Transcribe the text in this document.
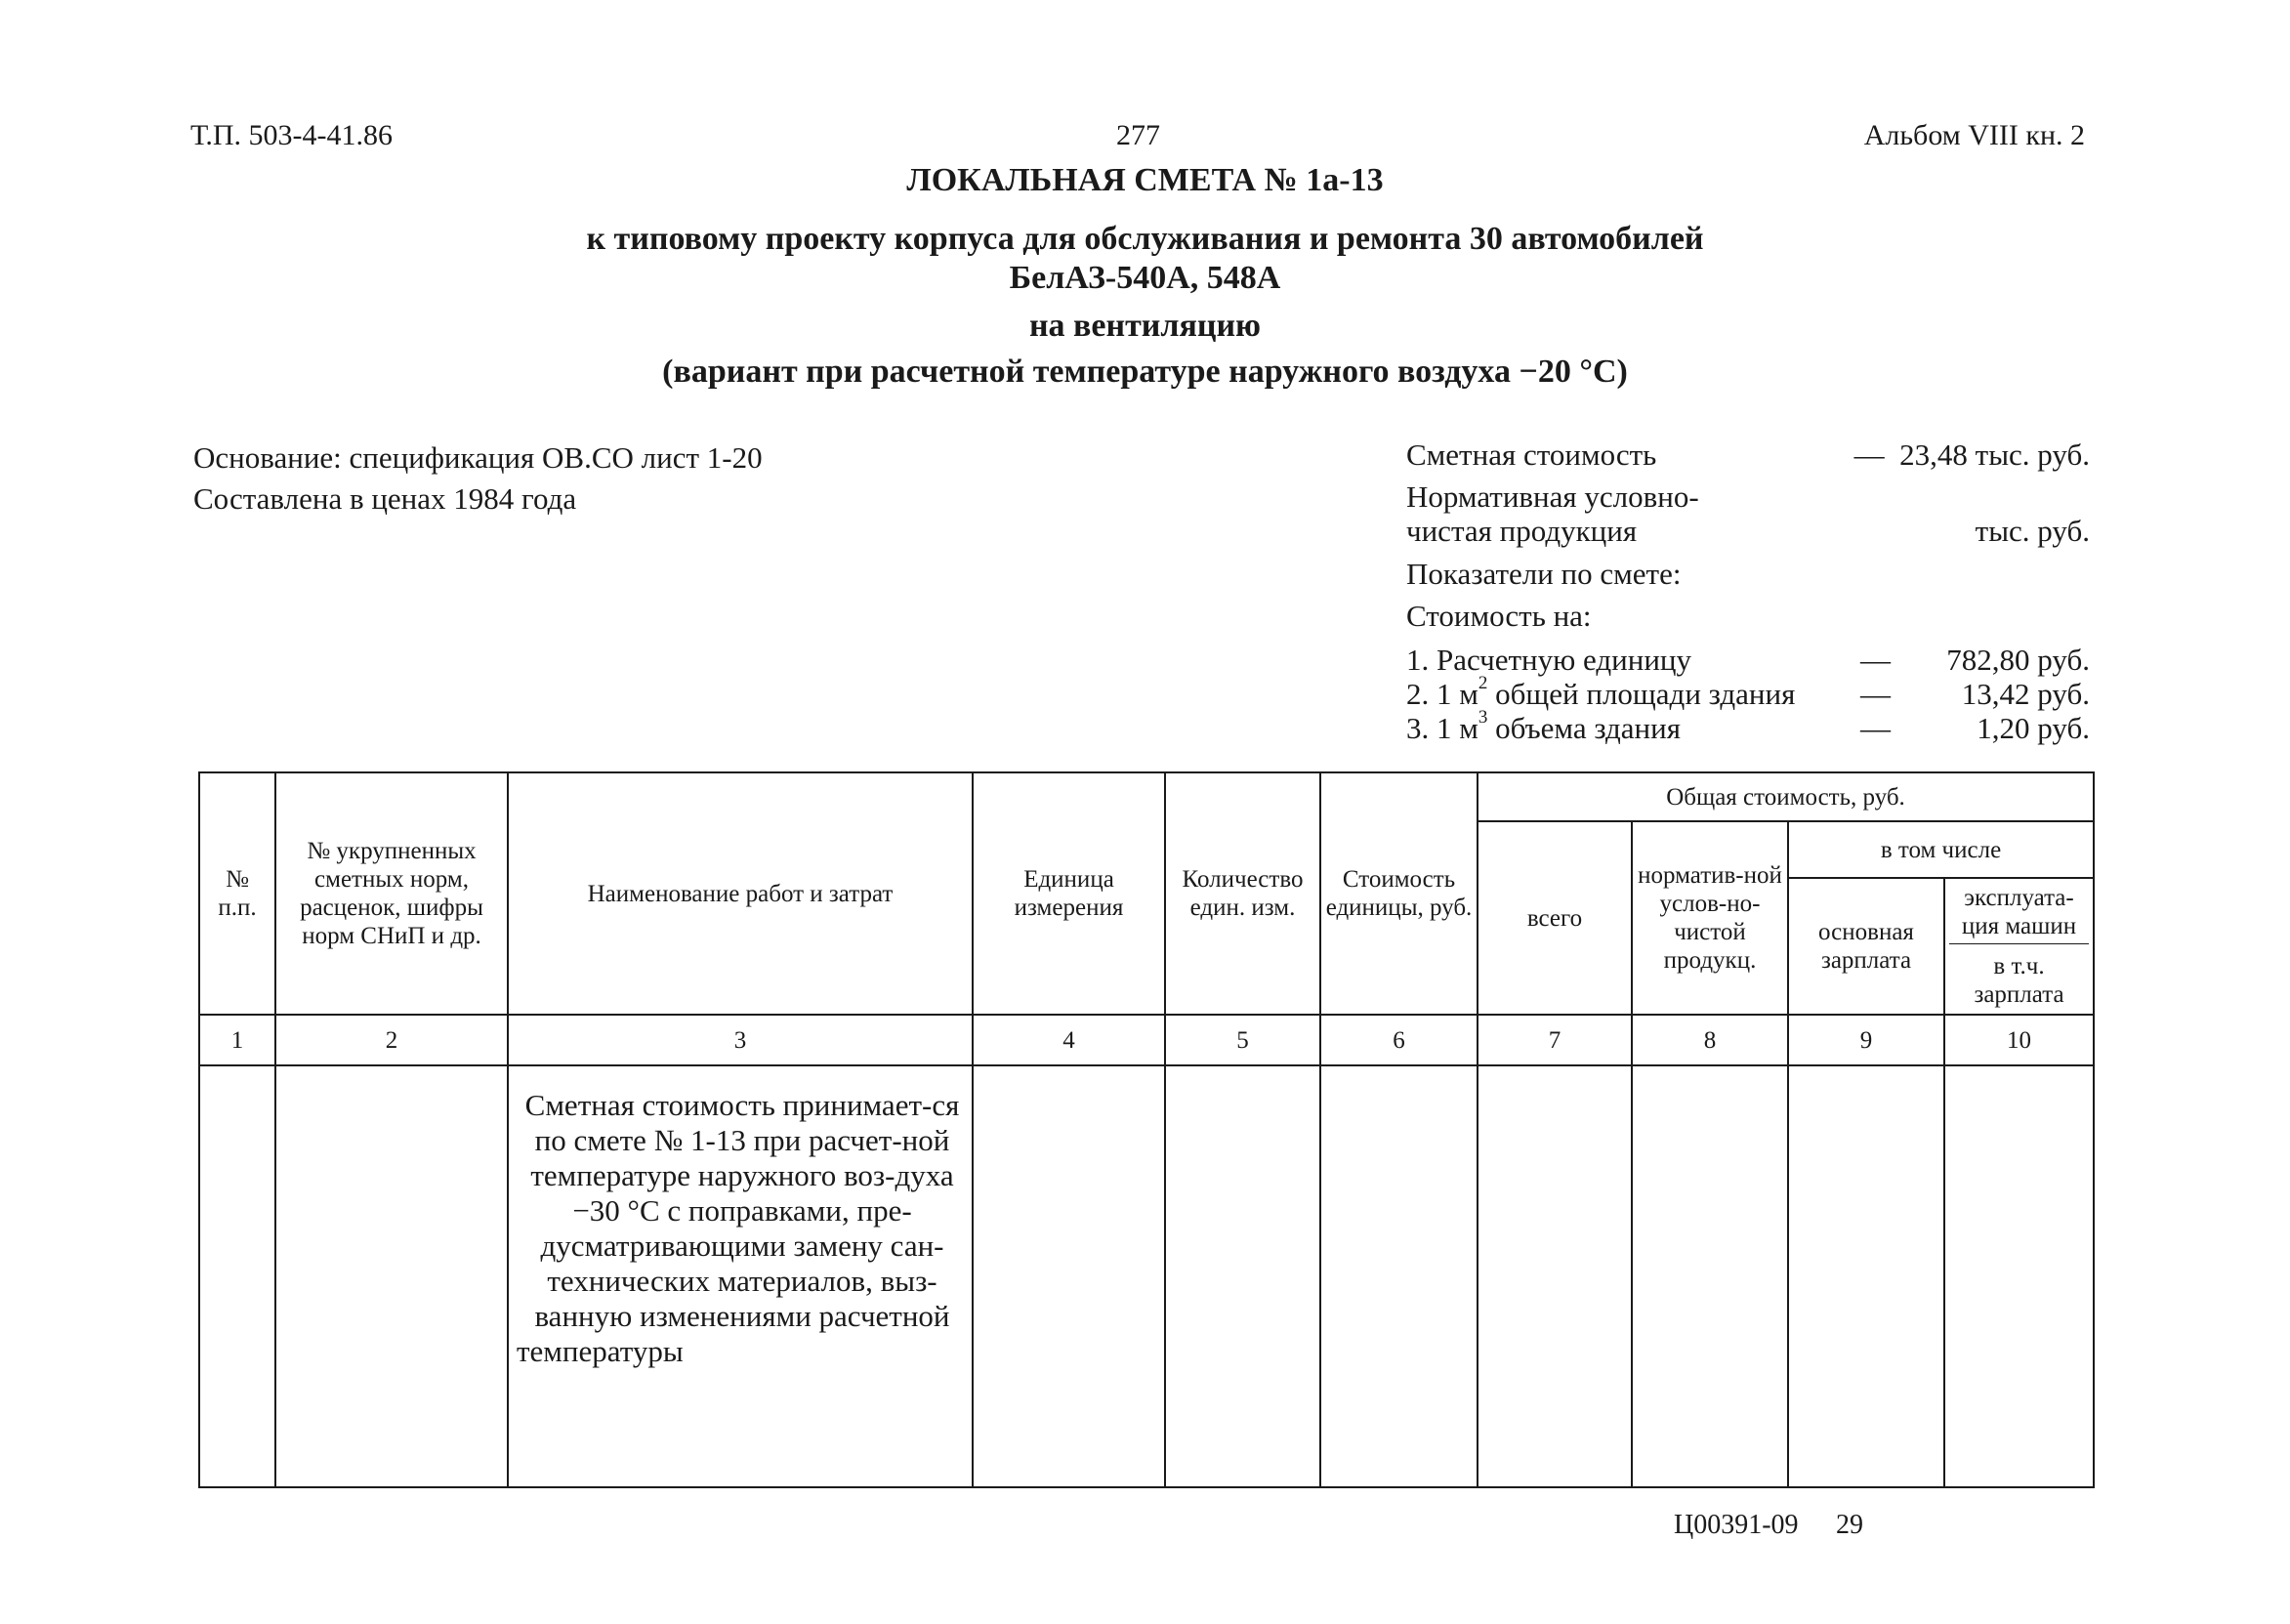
Т.П. 503-4-41.86	277	Альбом VIII кн. 2
ЛОКАЛЬНАЯ СМЕТА № 1а-13
к типовому проекту корпуса для обслуживания и ремонта 30 автомобилей
БелАЗ-540А, 548А
на вентиляцию
(вариант при расчетной температуре наружного воздуха −20 °С)
Основание: спецификация ОВ.СО лист 1-20
Составлена в ценах 1984 года
Сметная стоимость	— 23,48 тыс. руб.
Нормативная условно-
чистая продукция	тыс. руб.
Показатели по смете:
Стоимость на:
1. Расчетную единицу	— 782,80 руб.
2. 1 $м^2$ общей площади здания — 13,42 руб.
3. 1 $м^3$ объема здания	—	1,20 руб.
№ п.п.	№ укрупненных сметных норм, расценок, шифры норм СНиП и др.	Наименование работ и затрат	Единица измерения	Количество един. изм.	Стоимость единицы, руб.	Общая стоимость, руб.			
						всего	норматив-ной услов-но-чистой продукц.	в том числе	
								основная зарплата	эксплуата-ция машин
									в т.ч. зарплата
1	2	3	4	5	6	7	8	9	10
		Сметная стоимость принимает-ся по смете № 1-13 при расчет-ной температуре наружного воз-духа −30 °С с поправками, пре-дусматривающими замену сан-технических материалов, выз-ванную изменениями расчетной температуры							
Ц00391-09 29
